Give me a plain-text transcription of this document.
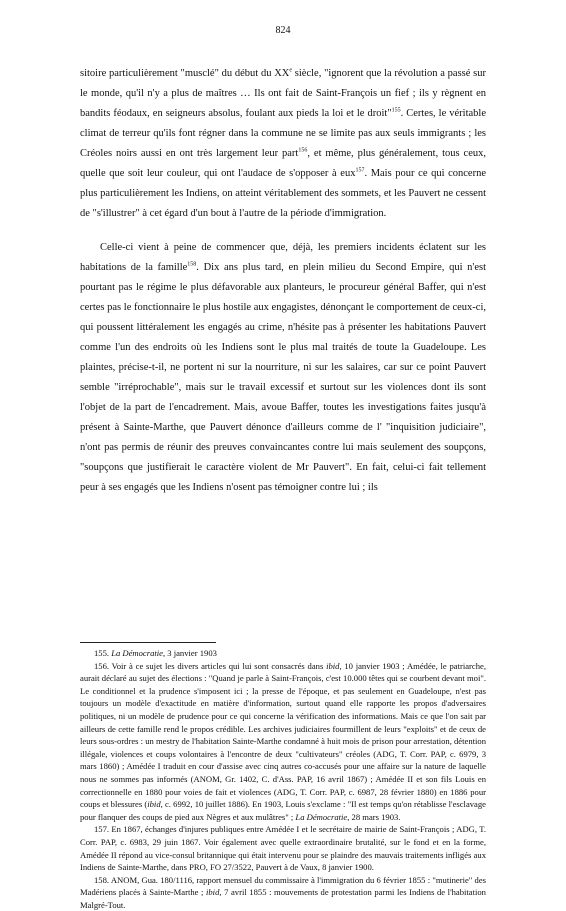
824

sitoire particulièrement "musclé" du début du XXe siècle, "ignorent que la révolution a passé sur le monde, qu'il n'y a plus de maîtres … Ils ont fait de Saint-François un fief ; ils y règnent en bandits féodaux, en seigneurs absolus, foulant aux pieds la loi et le droit"$^{155}$. Certes, le véritable climat de terreur qu'ils font régner dans la commune ne se limite pas aux seuls immigrants ; les Créoles noirs aussi en ont très largement leur part$^{156}$, et même, plus généralement, tous ceux, quelle que soit leur couleur, qui ont l'audace de s'opposer à eux$^{157}$. Mais pour ce qui concerne plus particulièrement les Indiens, on atteint véritablement des sommets, et les Pauvert ne cessent de "s'illustrer" à cet égard d'un bout à l'autre de la période d'immigration.

Celle-ci vient à peine de commencer que, déjà, les premiers incidents éclatent sur les habitations de la famille$^{158}$. Dix ans plus tard, en plein milieu du Second Empire, qui n'est pourtant pas le régime le plus défavorable aux planteurs, le procureur général Baffer, qui n'est certes pas le fonctionnaire le plus hostile aux engagistes, dénonçant le comportement de ceux-ci, qui poussent littéralement les engagés au crime, n'hésite pas à présenter les habitations Pauvert comme l'un des endroits où les Indiens sont le plus mal traités de toute la Guadeloupe. Les plaintes, précise-t-il, ne portent ni sur la nourriture, ni sur les salaires, car sur ce point Pauvert semble "irréprochable", mais sur le travail excessif et surtout sur les violences dont ils sont l'objet de la part de l'encadrement. Mais, avoue Baffer, toutes les investigations faites jusqu'à présent à Sainte-Marthe, que Pauvert dénonce d'ailleurs comme de l' "inquisition judiciaire", n'ont pas permis de réunir des preuves convaincantes contre lui mais seulement des soupçons, "soupçons que justifierait le caractère violent de Mr Pauvert". En fait, celui-ci fait tellement peur à ses engagés que les Indiens n'osent pas témoigner contre lui ; ils

155. La Démocratie, 3 janvier 1903

156. Voir à ce sujet les divers articles qui lui sont consacrés dans ibid, 10 janvier 1903 ; Amédée, le patriarche, aurait déclaré au sujet des élections : "Quand je parle à Saint-François, c'est 10.000 têtes qui se courbent devant moi". Le conditionnel et la prudence s'imposent ici ; la presse de l'époque, et pas seulement en Guadeloupe, n'est pas toujours un modèle d'exactitude en matière d'information, surtout quand elle rapporte les propos d'adversaires politiques, ni un modèle de prudence pour ce qui concerne la vérification des informations. Mais ce que l'on sait par ailleurs de cette famille rend le propos crédible. Les archives judiciaires fourmillent de leurs "exploits" et de ceux de leurs sous-ordres : un mestry de l'habitation Sainte-Marthe condamné à huit mois de prison pour arrestation, détention illégale, violences et coups volontaires à l'encontre de deux "cultivateurs" créoles (ADG, T. Corr. PAP, c. 6979, 3 mars 1860) ; Amédée I traduit en cour d'assise avec cinq autres co-accusés pour une affaire sur la nature de laquelle nous ne sommes pas informés (ANOM, Gr. 1402, C. d'Ass. PAP, 16 avril 1867) ; Amédée II et son fils Louis en correctionnelle en 1880 pour voies de fait et violences (ADG, T. Corr. PAP, c. 6987, 28 février 1880) en 1886 pour coups et blessures (ibid, c. 6992, 10 juillet 1886). En 1903, Louis s'exclame : "Il est temps qu'on rétablisse l'esclavage pour flanquer des coups de pied aux Nègres et aux mulâtres" ; La Démocratie, 28 mars 1903.

157. En 1867, échanges d'injures publiques entre Amédée I et le secrétaire de mairie de Saint-François ; ADG, T. Corr. PAP, c. 6983, 29 juin 1867. Voir également avec quelle extraordinaire brutalité, sur le fond et en la forme, Amédée II répond au vice-consul britannique qui était intervenu pour se plaindre des mauvais traitements infligés aux Indiens de Sainte-Marthe, dans PRO, FO 27/3522, Pauvert à de Vaux, 8 janvier 1900.

158. ANOM, Gua. 180/1116, rapport mensuel du commissaire à l'immigration du 6 février 1855 : "mutinerie" des Madériens placés à Sainte-Marthe ; ibid, 7 avril 1855 : mouvements de protestation parmi les Indiens de l'habitation Malgré-Tout.
